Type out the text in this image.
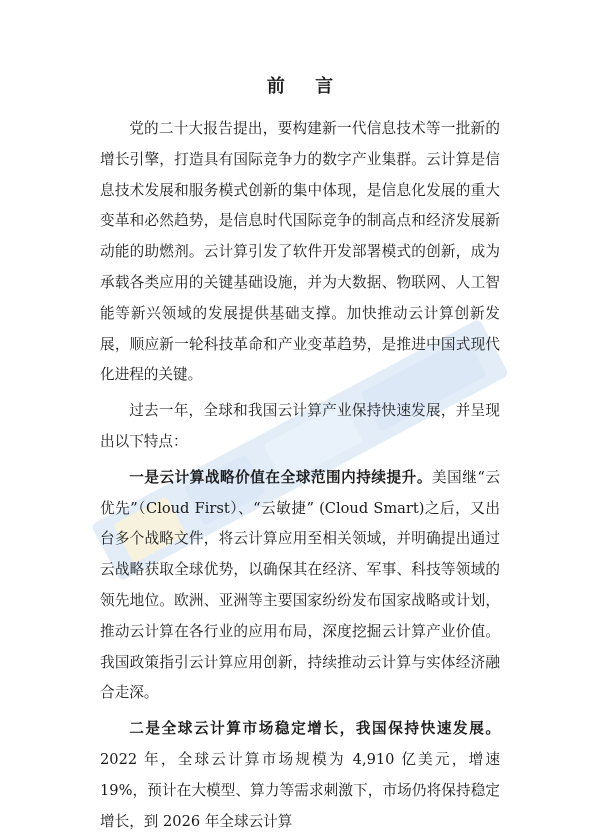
前 言

党的二十大报告提出，要构建新一代信息技术等一批新的增长引擎，打造具有国际竞争力的数字产业集群。云计算是信息技术发展和服务模式创新的集中体现，是信息化发展的重大变革和必然趋势，是信息时代国际竞争的制高点和经济发展新动能的助燃剂。云计算引发了软件开发部署模式的创新，成为承载各类应用的关键基础设施，并为大数据、物联网、人工智能等新兴领域的发展提供基础支撑。加快推动云计算创新发展，顺应新一轮科技革命和产业变革趋势，是推进中国式现代化进程的关键。

过去一年，全球和我国云计算产业保持快速发展，并呈现出以下特点：

一是云计算战略价值在全球范围内持续提升。美国继“云优先”（Cloud First）、“云敏捷” (Cloud Smart)之后，又出台多个战略文件，将云计算应用至相关领域，并明确提出通过云战略获取全球优势，以确保其在经济、军事、科技等领域的领先地位。欧洲、亚洲等主要国家纷纷发布国家战略或计划，推动云计算在各行业的应用布局，深度挖掘云计算产业价值。我国政策指引云计算应用创新，持续推动云计算与实体经济融合走深。

二是全球云计算市场稳定增长，我国保持快速发展。2022 年，全球云计算市场规模为 4,910 亿美元，增速 19%，预计在大模型、算力等需求刺激下，市场仍将保持稳定增长，到 2026 年全球云计算
